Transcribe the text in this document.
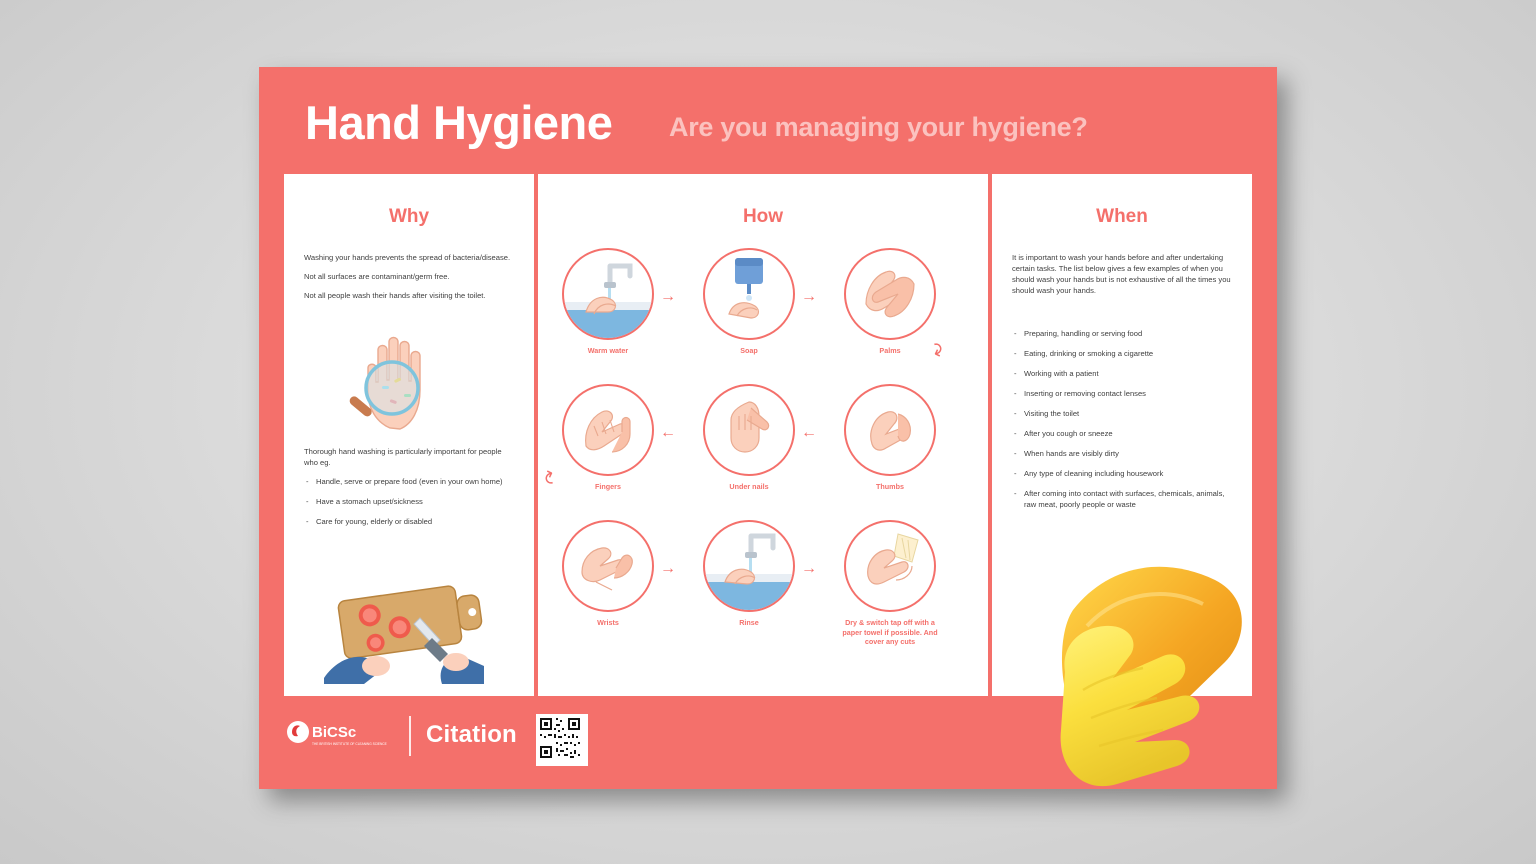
Hand Hygiene Are you managing your hygiene?
Why

Washing your hands prevents the spread of bacteria/disease.

Not all surfaces are contaminant/germ free.

Not all people wash their hands after visiting the toilet.

Thorough hand washing is particularly important for people who eg.

- Handle, serve or prepare food (even in your own home)
- Have a stomach upset/sickness
- Care for young, elderly or disabled
How
Warm water
→
Soap
→
Palms	↷
Fingers
←
Under nails
←
Thumbs
↷
Wrists
→
Rinse
→
Dry & switch tap off with a paper towel if possible. And cover any cuts
When

It is important to wash your hands before and after undertaking certain tasks. The list below gives a few examples of when you should wash your hands but is not exhaustive of all the times you should wash your hands.

- Preparing, handling or serving food
- Eating, drinking or smoking a cigarette
- Working with a patient
- Inserting or removing contact lenses
- Visiting the toilet
- After you cough or sneeze
- When hands are visibly dirty
- Any type of cleaning including housework
- After coming into contact with surfaces, chemicals, animals, raw meat, poorly people or waste
BiCSc
THE BRITISH INSTITUTE OF CLEANING SCIENCE Citation
